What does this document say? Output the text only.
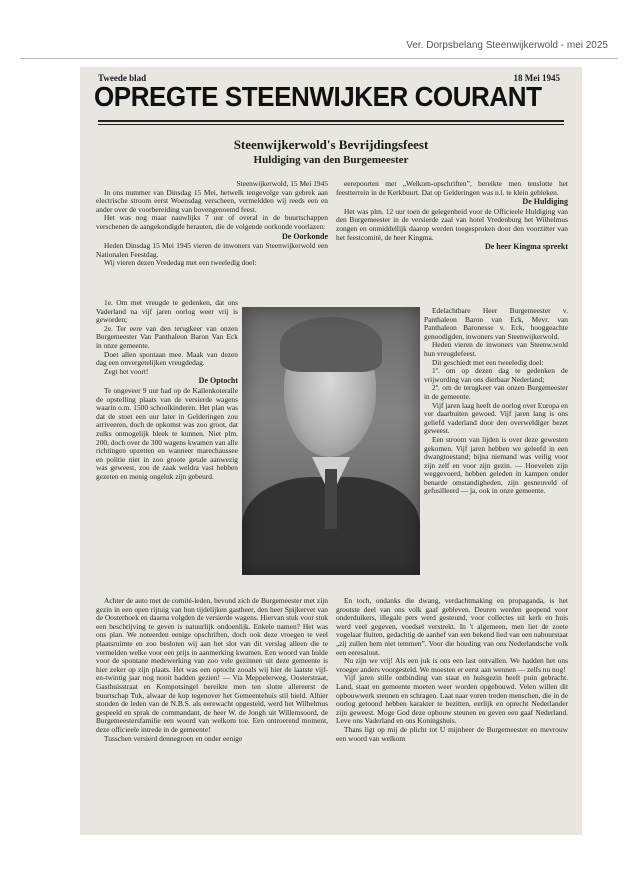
Ver. Dorpsbelang Steenwijkerwold - mei 2025
Tweede blad	18 Mei 1945
OPREGTE STEENWIJKER COURANT
Steenwijkerwold's Bevrijdingsfeest
Huldiging van den Burgemeester

Steenwijkerwold, 15 Mei 1945

In ons nummer van Dinsdag 15 Mei, hetwelk tengevolge van gebrek aan electrische stroom eerst Woensdag verscheen, vermeldden wij reeds een en ander over de voorbereiding van bovengenoemd feest.

Het was nog maar nauwlijks 7 uur of overal in de buurtschappen verschenen de aangekondigde herauten, die de volgende oorkonde voorlazen:

De Oorkonde

Heden Dinsdag 15 Mei 1945 vieren de inwoners van Steenwijkerwold een Nationalen Feestdag.

Wij vieren dezen Vrededag met een tweeledig doel:

1e. Om met vreugde te gedenken, dat ons Vaderland na vijf jaren oorlog weer vrij is geworden;

2e. Ter eere van den terugkeer van onzen Burgemeester Van Panthaleon Baron Van Eck in onze gemeente.

Doet allen spontaan mee. Maak van dezen dag een onvergetelijken vreugdedag.

Zegt het voort!

De Optocht

Te ongeveer 9 uur had op de Kallenkoteralle de opstelling plaats van de versierde wagens waarin o.m. 1500 schoolkinderen. Het plan was dat de stoet een uur later in Gelderingen zou arriveeren, doch de opkomst was zoo groot, dat zulks onmogelijk bleek te kunnen. Niet plm. 200, doch over de 300 wagens kwamen van alle richtingen opzetten en wanneer marechaussee en politie niet in zoo groote getale aanwezig was geweest, zou de zaak weldra vast hebben gezeten en menig ongeluk zijn gebeurd.

eerepoorten met „Welkom-opschriften”, bereikte men tenslotte het feestterrein in de Kerkbuurt. Dat op Gelderingen was n.l. te klein gebleken.

De Huldiging

Het was plm. 12 uur toen de gelegenheid voor de Officieele Huldiging van den Burgemeester in de versierde zaal van hotel Vredenburg het Wilhelmus zongen en onmiddellijk daarop werden toegesproken door den voorzitter van het feestcomité, de heer Kingma.

De heer Kingma spreekt

Edelachtbare Heer Burgemeester v. Panthaleon Baron van Eck, Mevr. van Panthaleon Baronesse v. Eck, hooggeachte genoodigden, inwoners van Steenwijkerwold.

Heden vieren de inwoners van Steenw.wold hun vreugdefeest.

Dit geschiedt met een tweeledig doel:

1º. om op dezen dag te gedenken de vrijwording van ons dierbaar Nederland;

2º. om de terugkeer van onzen Burgemeester in de gemeente.

Vijf jaren laag heeft de oorlog over Europa en ver daarbuiten gewoed. Vijf jaren lang is ons geliefd vaderland door den overweldiger bezet geweest.

Een stroom van lijden is over deze gewesten gekomen. Vijf jaren hebben we geleefd in een dwangtoestand; bijna niemand was veilig voor zijn zelf en voor zijn gezin. — Hoevelen zijn weggevoerd, hebben geleden in kampen onder benarde omstandigheden, zijn gesneuveld of gefusilleerd — ja, ook in onze gemeente.

Achter de auto met de comité-leden, bevond zich de Burgemeester met zijn gezin in een open rijtuig van hun tijdelijken gastheer, den heer Spijkervet van de Oosterhoek en daarna volgden de versierde wagens. Hiervan stuk voor stuk een beschrijving te geven is natuurlijk ondoenlijk. Enkele namen? Het was ons plan. We noteerden eenige opschriften, doch ook deze vroegen te veel plaatsruimte en zoo besloten wij aan het slot van dit verslag alleen die te vermelden welke voor een prijs in aanmerking kwamen. Een woord van hulde voor de spontane medewerking van zoo vele gezinnen uit deze gemeente is hier zeker op zijn plaats. Het was een optocht zooals wij hier de laatste vijf-en-twintig jaar nog nooit hadden gezien! — Via Meppelerweg, Oosterstraat, Gasthuisstraat en Kompotsingel bereikte men ten slotte allereerst de buurtschap Tuk, alwaar de kop tegenover het Gemeentehuis stil hield. Alhier stonden de leden van de N.B.S. als eerewacht opgesteld, werd het Wilhelmus gespeeld en sprak de commandant, de heer W. de Jongh uit Willemsoord, de Burgemeestersfamilie een woord van welkom toe. Een ontroerend moment, deze officieele intrede in de gemeente!

Tusschen versierd dennegroen en onder eenige

En toch, ondanks die dwang, verdachtmaking en propaganda, is het grootste deel van ons volk gaaf gebleven. Deuren werden geopend voor onderduikers, illegale pers werd gesteund, voor collectes uit kerk en huis werd veel gegeven, voedsel verstrekt. In 't algemeen, men liet de zoete vogelaar fluiten, gedachtig de aanhef van een bekend lied van een nabuurstaat „zij zullen hem niet temmen”. Voor die houding van ons Nederlandsche volk een eeresaluut.

Nu zijn we vrij! Als een juk is ons een last ontvallen. We hadden het ons vroeger anders voorgesteld. We moesten er eerst aan wennen — zelfs nu nog!

Vijf jaren stille ontbinding van staat en huisgezin heeft puin gebracht. Land, staat en gemeente moeten weer worden opgebouwd. Velen willen dit opbouwwerk steunen en schragen. Laat naar voren treden menschen, die in de oorlog getoond hebben karakter te bezitten, eerlijk en oprecht Nederlander zijn geweest. Moge God deze opbouw steunen en geven een gaaf Nederland. Leve ons Vaderland en ons Koningshuis.

Thans ligt op mij de plicht tot U mijnheer de Burgemeester en mevrouw een woord van welkom
